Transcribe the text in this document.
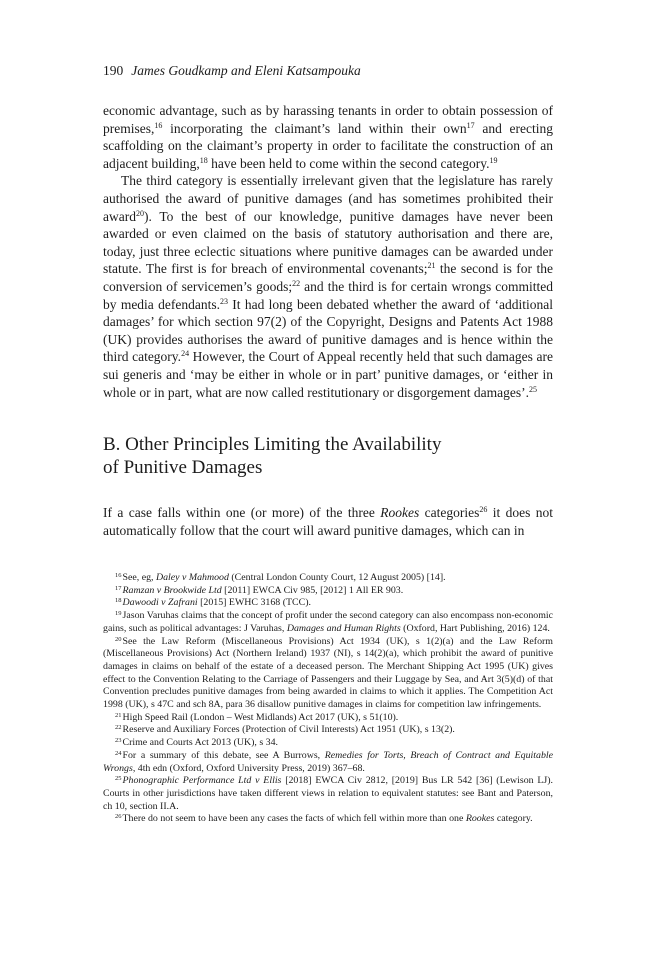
190 James Goudkamp and Eleni Katsampouka

economic advantage, such as by harassing tenants in order to obtain possession of premises,$^{16}$ incorporating the claimant’s land within their own$^{17}$ and erecting scaffolding on the claimant’s property in order to facilitate the construction of an adjacent building,$^{18}$ have been held to come within the second category.$^{19}$

The third category is essentially irrelevant given that the legislature has rarely authorised the award of punitive damages (and has sometimes prohibited their award$^{20}$). To the best of our knowledge, punitive damages have never been awarded or even claimed on the basis of statutory authorisation and there are, today, just three eclectic situations where punitive damages can be awarded under statute. The first is for breach of environmental covenants;$^{21}$ the second is for the conversion of servicemen’s goods;$^{22}$ and the third is for certain wrongs committed by media defendants.$^{23}$ It had long been debated whether the award of ‘additional damages’ for which section 97(2) of the Copyright, Designs and Patents Act 1988 (UK) provides authorises the award of punitive damages and is hence within the third category.$^{24}$ However, the Court of Appeal recently held that such damages are sui generis and ‘may be either in whole or in part’ punitive damages, or ‘either in whole or in part, what are now called restitutionary or disgorgement damages’.$^{25}$

B. Other Principles Limiting the Availability
of Punitive Damages

If a case falls within one (or more) of the three Rookes categories$^{26}$ it does not automatically follow that the court will award punitive damages, which can in

$^{16}$See, eg, Daley v Mahmood (Central London County Court, 12 August 2005) [14].

$^{17}$Ramzan v Brookwide Ltd [2011] EWCA Civ 985, [2012] 1 All ER 903.

$^{18}$Dawoodi v Zafrani [2015] EWHC 3168 (TCC).

$^{19}$Jason Varuhas claims that the concept of profit under the second category can also encompass non-economic gains, such as political advantages: J Varuhas, Damages and Human Rights (Oxford, Hart Publishing, 2016) 124.

$^{20}$See the Law Reform (Miscellaneous Provisions) Act 1934 (UK), s 1(2)(a) and the Law Reform (Miscellaneous Provisions) Act (Northern Ireland) 1937 (NI), s 14(2)(a), which prohibit the award of punitive damages in claims on behalf of the estate of a deceased person. The Merchant Shipping Act 1995 (UK) gives effect to the Convention Relating to the Carriage of Passengers and their Luggage by Sea, and Art 3(5)(d) of that Convention precludes punitive damages from being awarded in claims to which it applies. The Competition Act 1998 (UK), s 47C and sch 8A, para 36 disallow punitive damages in claims for competition law infringements.

$^{21}$High Speed Rail (London – West Midlands) Act 2017 (UK), s 51(10).

$^{22}$Reserve and Auxiliary Forces (Protection of Civil Interests) Act 1951 (UK), s 13(2).

$^{23}$Crime and Courts Act 2013 (UK), s 34.

$^{24}$For a summary of this debate, see A Burrows, Remedies for Torts, Breach of Contract and Equitable Wrongs, 4th edn (Oxford, Oxford University Press, 2019) 367–68.

$^{25}$Phonographic Performance Ltd v Ellis [2018] EWCA Civ 2812, [2019] Bus LR 542 [36] (Lewison LJ). Courts in other jurisdictions have taken different views in relation to equivalent statutes: see Bant and Paterson, ch 10, section II.A.

$^{26}$There do not seem to have been any cases the facts of which fell within more than one Rookes category.
